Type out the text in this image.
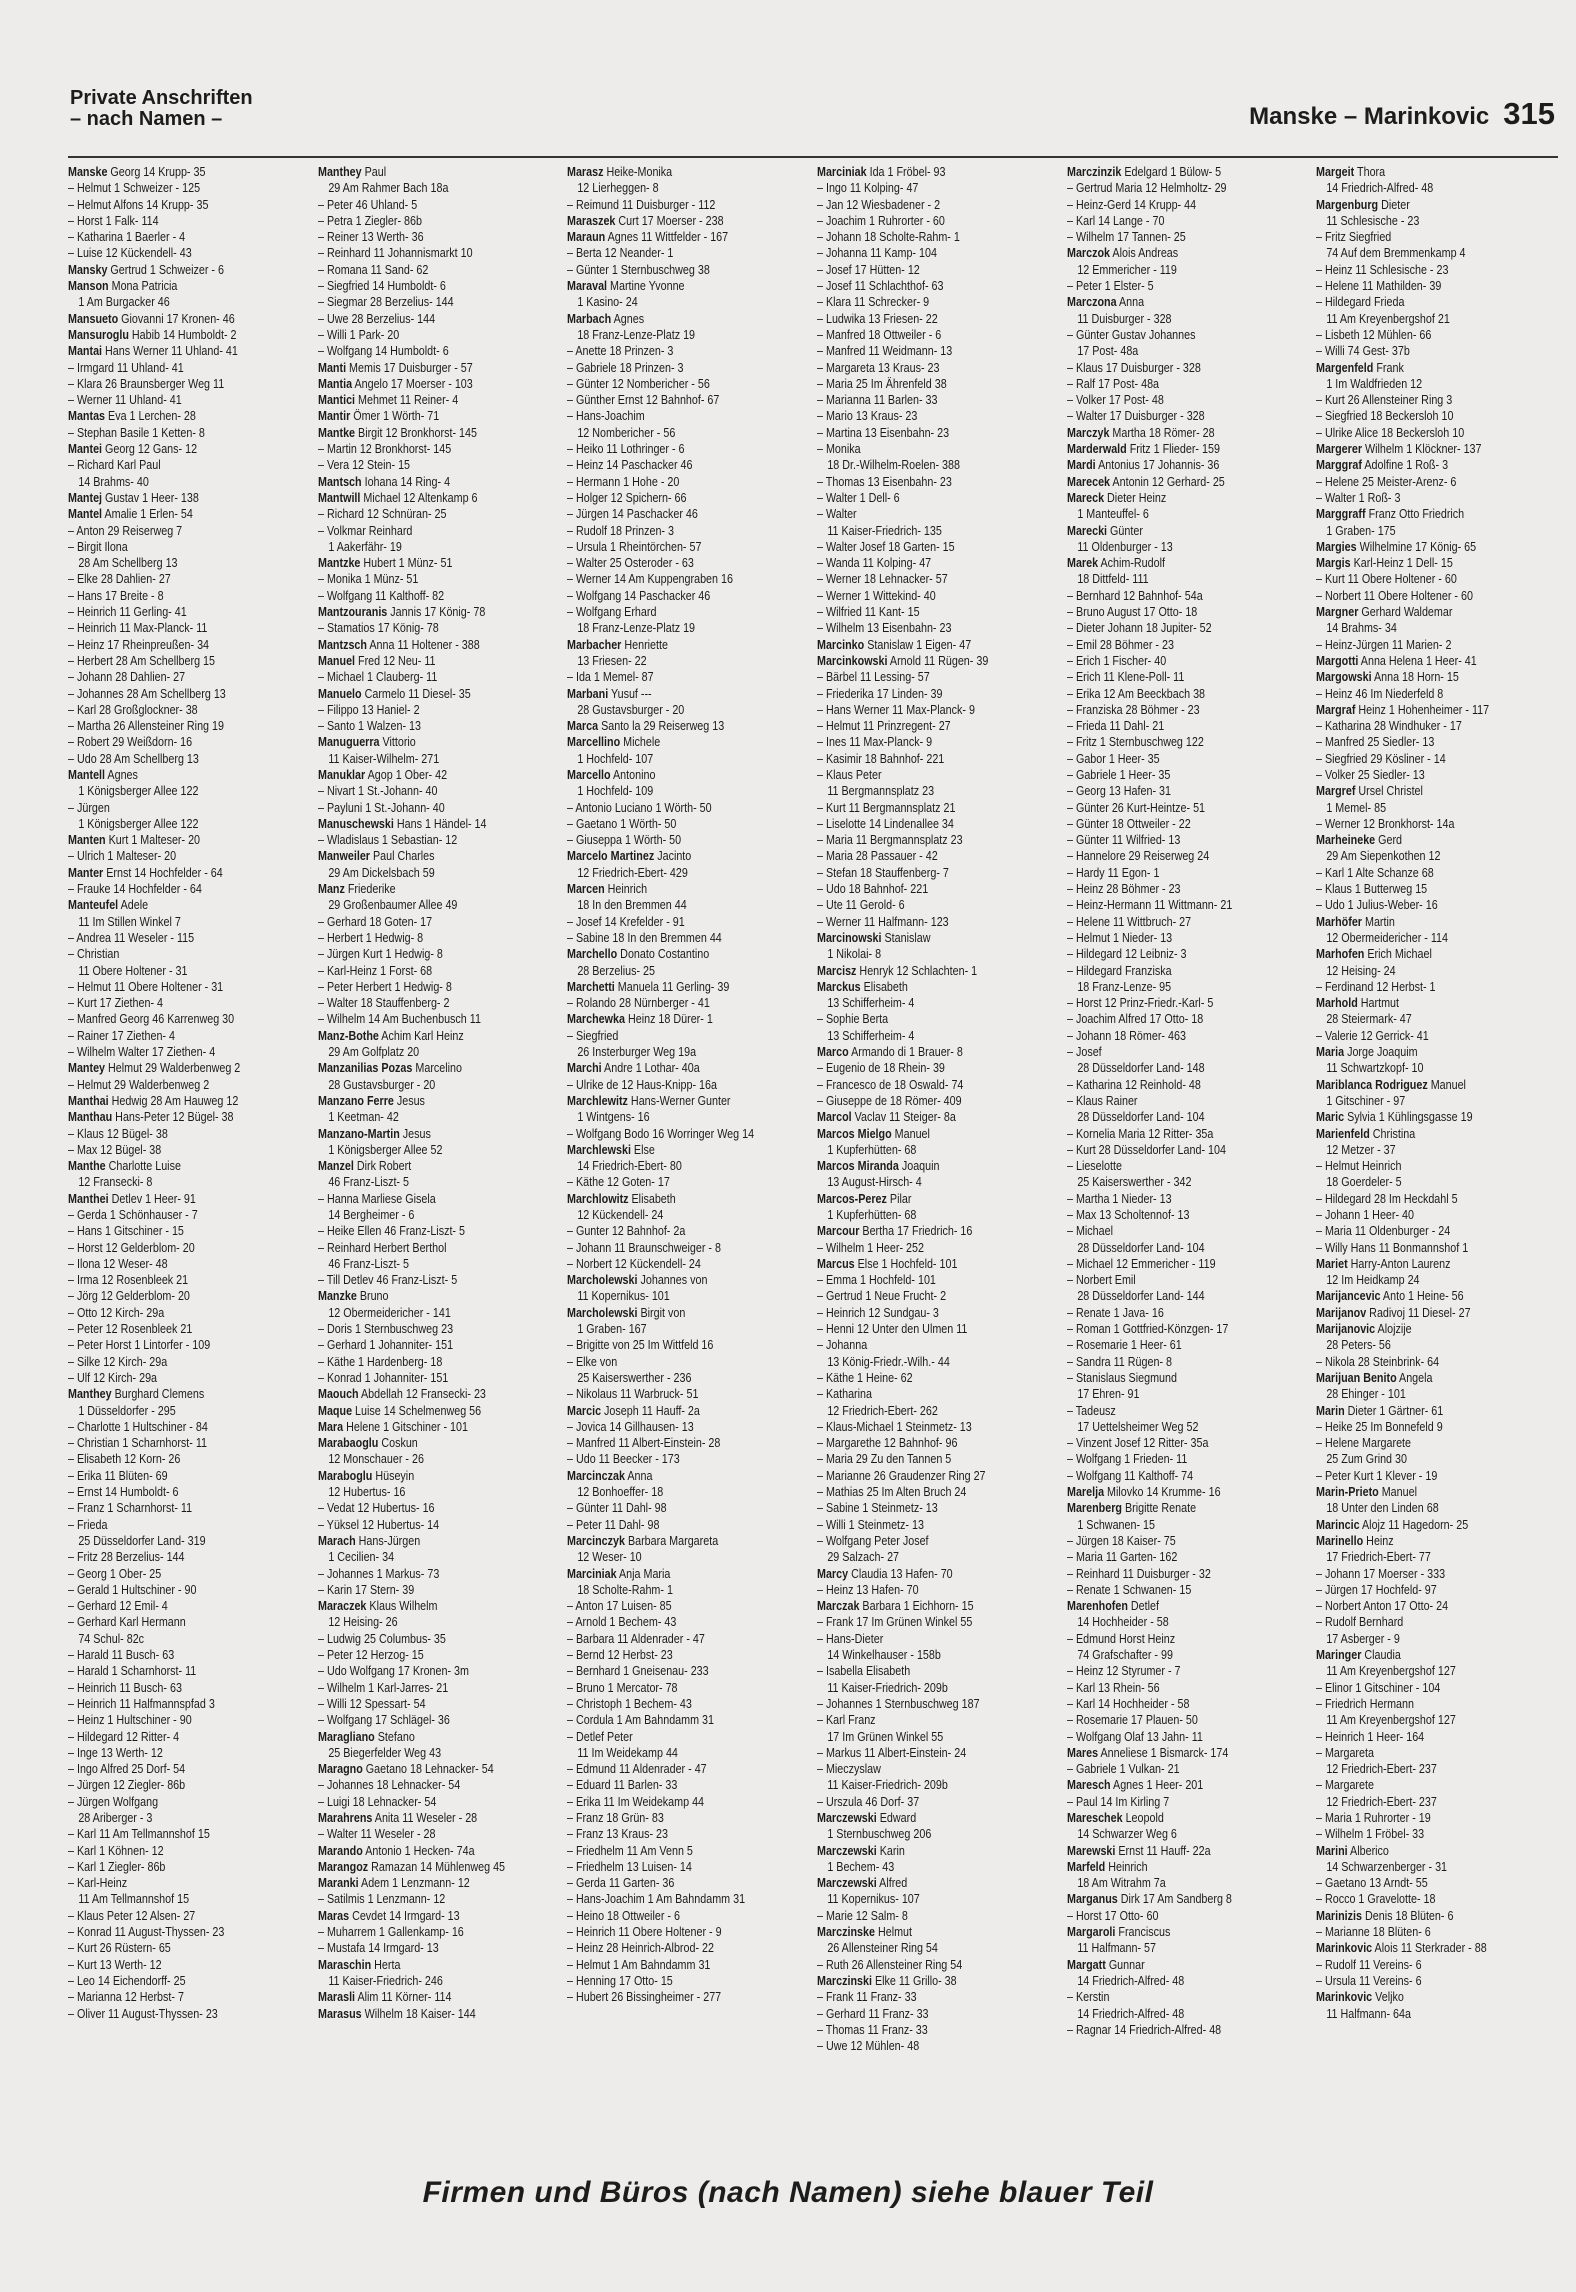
Private Anschriften
– nach Namen –	Manske – Marinkovic 315
Manske Georg 14 Krupp- 35
– Helmut 1 Schweizer - 125
– Helmut Alfons 14 Krupp- 35
– Horst 1 Falk- 114
– Katharina 1 Baerler - 4
– Luise 12 Kückendell- 43
Mansky Gertrud 1 Schweizer - 6
Manson Mona Patricia
1 Am Burgacker 46
Mansueto Giovanni 17 Kronen- 46
Mansuroglu Habib 14 Humboldt- 2
Mantai Hans Werner 11 Uhland- 41
– Irmgard 11 Uhland- 41
– Klara 26 Braunsberger Weg 11
– Werner 11 Uhland- 41
Mantas Eva 1 Lerchen- 28
– Stephan Basile 1 Ketten- 8
Mantei Georg 12 Gans- 12
– Richard Karl Paul
14 Brahms- 40
Mantej Gustav 1 Heer- 138
Mantel Amalie 1 Erlen- 54
– Anton 29 Reiserweg 7
– Birgit Ilona
28 Am Schellberg 13
– Elke 28 Dahlien- 27
– Hans 17 Breite - 8
– Heinrich 11 Gerling- 41
– Heinrich 11 Max-Planck- 11
– Heinz 17 Rheinpreußen- 34
– Herbert 28 Am Schellberg 15
– Johann 28 Dahlien- 27
– Johannes 28 Am Schellberg 13
– Karl 28 Großglockner- 38
– Martha 26 Allensteiner Ring 19
– Robert 29 Weißdorn- 16
– Udo 28 Am Schellberg 13
Mantell Agnes
1 Königsberger Allee 122
– Jürgen
1 Königsberger Allee 122
Manten Kurt 1 Malteser- 20
– Ulrich 1 Malteser- 20
Manter Ernst 14 Hochfelder - 64
– Frauke 14 Hochfelder - 64
Manteufel Adele
11 Im Stillen Winkel 7
– Andrea 11 Weseler - 115
– Christian
11 Obere Holtener - 31
– Helmut 11 Obere Holtener - 31
– Kurt 17 Ziethen- 4
– Manfred Georg 46 Karrenweg 30
– Rainer 17 Ziethen- 4
– Wilhelm Walter 17 Ziethen- 4
Mantey Helmut 29 Walderbenweg 2
– Helmut 29 Walderbenweg 2
Manthai Hedwig 28 Am Hauweg 12
Manthau Hans-Peter 12 Bügel- 38
– Klaus 12 Bügel- 38
– Max 12 Bügel- 38
Manthe Charlotte Luise
12 Fransecki- 8
Manthei Detlev 1 Heer- 91
– Gerda 1 Schönhauser - 7
– Hans 1 Gitschiner - 15
– Horst 12 Gelderblom- 20
– Ilona 12 Weser- 48
– Irma 12 Rosenbleek 21
– Jörg 12 Gelderblom- 20
– Otto 12 Kirch- 29a
– Peter 12 Rosenbleek 21
– Peter Horst 1 Lintorfer - 109
– Silke 12 Kirch- 29a
– Ulf 12 Kirch- 29a
Manthey Burghard Clemens
1 Düsseldorfer - 295
– Charlotte 1 Hultschiner - 84
– Christian 1 Scharnhorst- 11
– Elisabeth 12 Korn- 26
– Erika 11 Blüten- 69
– Ernst 14 Humboldt- 6
– Franz 1 Scharnhorst- 11
– Frieda
25 Düsseldorfer Land- 319
– Fritz 28 Berzelius- 144
– Georg 1 Ober- 25
– Gerald 1 Hultschiner - 90
– Gerhard 12 Emil- 4
– Gerhard Karl Hermann
74 Schul- 82c
– Harald 11 Busch- 63
– Harald 1 Scharnhorst- 11
– Heinrich 11 Busch- 63
– Heinrich 11 Halfmannspfad 3
– Heinz 1 Hultschiner - 90
– Hildegard 12 Ritter- 4
– Inge 13 Werth- 12
– Ingo Alfred 25 Dorf- 54
– Jürgen 12 Ziegler- 86b
– Jürgen Wolfgang
28 Ariberger - 3
– Karl 11 Am Tellmannshof 15
– Karl 1 Köhnen- 12
– Karl 1 Ziegler- 86b
– Karl-Heinz
11 Am Tellmannshof 15
– Klaus Peter 12 Alsen- 27
– Konrad 11 August-Thyssen- 23
– Kurt 26 Rüstern- 65
– Kurt 13 Werth- 12
– Leo 14 Eichendorff- 25
– Marianna 12 Herbst- 7
– Oliver 11 August-Thyssen- 23
Manthey Paul
29 Am Rahmer Bach 18a
– Peter 46 Uhland- 5
– Petra 1 Ziegler- 86b
– Reiner 13 Werth- 36
– Reinhard 11 Johannismarkt 10
– Romana 11 Sand- 62
– Siegfried 14 Humboldt- 6
– Siegmar 28 Berzelius- 144
– Uwe 28 Berzelius- 144
– Willi 1 Park- 20
– Wolfgang 14 Humboldt- 6
Manti Memis 17 Duisburger - 57
Mantia Angelo 17 Moerser - 103
Mantici Mehmet 11 Reiner- 4
Mantir Ömer 1 Wörth- 71
Mantke Birgit 12 Bronkhorst- 145
– Martin 12 Bronkhorst- 145
– Vera 12 Stein- 15
Mantsch Iohana 14 Ring- 4
Mantwill Michael 12 Altenkamp 6
– Richard 12 Schnüran- 25
– Volkmar Reinhard
1 Aakerfähr- 19
Mantzke Hubert 1 Münz- 51
– Monika 1 Münz- 51
– Wolfgang 11 Kalthoff- 82
Mantzouranis Jannis 17 König- 78
– Stamatios 17 König- 78
Mantzsch Anna 11 Holtener - 388
Manuel Fred 12 Neu- 11
– Michael 1 Clauberg- 11
Manuelo Carmelo 11 Diesel- 35
– Filippo 13 Haniel- 2
– Santo 1 Walzen- 13
Manuguerra Vittorio
11 Kaiser-Wilhelm- 271
Manuklar Agop 1 Ober- 42
– Nivart 1 St.-Johann- 40
– Payluni 1 St.-Johann- 40
Manuschewski Hans 1 Händel- 14
– Wladislaus 1 Sebastian- 12
Manweiler Paul Charles
29 Am Dickelsbach 59
Manz Friederike
29 Großenbaumer Allee 49
– Gerhard 18 Goten- 17
– Herbert 1 Hedwig- 8
– Jürgen Kurt 1 Hedwig- 8
– Karl-Heinz 1 Forst- 68
– Peter Herbert 1 Hedwig- 8
– Walter 18 Stauffenberg- 2
– Wilhelm 14 Am Buchenbusch 11
Manz-Bothe Achim Karl Heinz
29 Am Golfplatz 20
Manzanilias Pozas Marcelino
28 Gustavsburger - 20
Manzano Ferre Jesus
1 Keetman- 42
Manzano-Martin Jesus
1 Königsberger Allee 52
Manzel Dirk Robert
46 Franz-Liszt- 5
– Hanna Marliese Gisela
14 Bergheimer - 6
– Heike Ellen 46 Franz-Liszt- 5
– Reinhard Herbert Berthol
46 Franz-Liszt- 5
– Till Detlev 46 Franz-Liszt- 5
Manzke Bruno
12 Obermeidericher - 141
– Doris 1 Sternbuschweg 23
– Gerhard 1 Johanniter- 151
– Käthe 1 Hardenberg- 18
– Konrad 1 Johanniter- 151
Maouch Abdellah 12 Fransecki- 23
Maque Luise 14 Schelmenweg 56
Mara Helene 1 Gitschiner - 101
Marabaoglu Coskun
12 Monschauer - 26
Maraboglu Hüseyin
12 Hubertus- 16
– Vedat 12 Hubertus- 16
– Yüksel 12 Hubertus- 14
Marach Hans-Jürgen
1 Cecilien- 34
– Johannes 1 Markus- 73
– Karin 17 Stern- 39
Maraczek Klaus Wilhelm
12 Heising- 26
– Ludwig 25 Columbus- 35
– Peter 12 Herzog- 15
– Udo Wolfgang 17 Kronen- 3m
– Wilhelm 1 Karl-Jarres- 21
– Willi 12 Spessart- 54
– Wolfgang 17 Schlägel- 36
Maragliano Stefano
25 Biegerfelder Weg 43
Maragno Gaetano 18 Lehnacker- 54
– Johannes 18 Lehnacker- 54
– Luigi 18 Lehnacker- 54
Marahrens Anita 11 Weseler - 28
– Walter 11 Weseler - 28
Marando Antonio 1 Hecken- 74a
Marangoz Ramazan 14 Mühlenweg 45
Maranki Adem 1 Lenzmann- 12
– Satilmis 1 Lenzmann- 12
Maras Cevdet 14 Irmgard- 13
– Muharrem 1 Gallenkamp- 16
– Mustafa 14 Irmgard- 13
Maraschin Herta
11 Kaiser-Friedrich- 246
Marasli Alim 11 Körner- 114
Marasus Wilhelm 18 Kaiser- 144
Marasz Heike-Monika
12 Lierheggen- 8
– Reimund 11 Duisburger - 112
Maraszek Curt 17 Moerser - 238
Maraun Agnes 11 Wittfelder - 167
– Berta 12 Neander- 1
– Günter 1 Sternbuschweg 38
Maraval Martine Yvonne
1 Kasino- 24
Marbach Agnes
18 Franz-Lenze-Platz 19
– Anette 18 Prinzen- 3
– Gabriele 18 Prinzen- 3
– Günter 12 Nombericher - 56
– Günther Ernst 12 Bahnhof- 67
– Hans-Joachim
12 Nombericher - 56
– Heiko 11 Lothringer - 6
– Heinz 14 Paschacker 46
– Hermann 1 Hohe - 20
– Holger 12 Spichern- 66
– Jürgen 14 Paschacker 46
– Rudolf 18 Prinzen- 3
– Ursula 1 Rheintörchen- 57
– Walter 25 Osteroder - 63
– Werner 14 Am Kuppengraben 16
– Wolfgang 14 Paschacker 46
– Wolfgang Erhard
18 Franz-Lenze-Platz 19
Marbacher Henriette
13 Friesen- 22
– Ida 1 Memel- 87
Marbani Yusuf ---
28 Gustavsburger - 20
Marca Santo la 29 Reiserweg 13
Marcellino Michele
1 Hochfeld- 107
Marcello Antonino
1 Hochfeld- 109
– Antonio Luciano 1 Wörth- 50
– Gaetano 1 Wörth- 50
– Giuseppa 1 Wörth- 50
Marcelo Martinez Jacinto
12 Friedrich-Ebert- 429
Marcen Heinrich
18 In den Bremmen 44
– Josef 14 Krefelder - 91
– Sabine 18 In den Bremmen 44
Marchello Donato Costantino
28 Berzelius- 25
Marchetti Manuela 11 Gerling- 39
– Rolando 28 Nürnberger - 41
Marchewka Heinz 18 Dürer- 1
– Siegfried
26 Insterburger Weg 19a
Marchi Andre 1 Lothar- 40a
– Ulrike de 12 Haus-Knipp- 16a
Marchlewitz Hans-Werner Gunter
1 Wintgens- 16
– Wolfgang Bodo 16 Worringer Weg 14
Marchlewski Else
14 Friedrich-Ebert- 80
– Käthe 12 Goten- 17
Marchlowitz Elisabeth
12 Kückendell- 24
– Gunter 12 Bahnhof- 2a
– Johann 11 Braunschweiger - 8
– Norbert 12 Kückendell- 24
Marcholewski Johannes von
11 Kopernikus- 101
Marcholewski Birgit von
1 Graben- 167
– Brigitte von 25 Im Wittfeld 16
– Elke von
25 Kaiserswerther - 236
– Nikolaus 11 Warbruck- 51
Marcic Joseph 11 Hauff- 2a
– Jovica 14 Gillhausen- 13
– Manfred 11 Albert-Einstein- 28
– Udo 11 Beecker - 173
Marcinczak Anna
12 Bonhoeffer- 18
– Günter 11 Dahl- 98
– Peter 11 Dahl- 98
Marcinczyk Barbara Margareta
12 Weser- 10
Marciniak Anja Maria
18 Scholte-Rahm- 1
– Anton 17 Luisen- 85
– Arnold 1 Bechem- 43
– Barbara 11 Aldenrader - 47
– Bernd 12 Herbst- 23
– Bernhard 1 Gneisenau- 233
– Bruno 1 Mercator- 78
– Christoph 1 Bechem- 43
– Cordula 1 Am Bahndamm 31
– Detlef Peter
11 Im Weidekamp 44
– Edmund 11 Aldenrader - 47
– Eduard 11 Barlen- 33
– Erika 11 Im Weidekamp 44
– Franz 18 Grün- 83
– Franz 13 Kraus- 23
– Friedhelm 11 Am Venn 5
– Friedhelm 13 Luisen- 14
– Gerda 11 Garten- 36
– Hans-Joachim 1 Am Bahndamm 31
– Heino 18 Ottweiler - 6
– Heinrich 11 Obere Holtener - 9
– Heinz 28 Heinrich-Albrod- 22
– Helmut 1 Am Bahndamm 31
– Henning 17 Otto- 15
– Hubert 26 Bissingheimer - 277
Marciniak Ida 1 Fröbel- 93
– Ingo 11 Kolping- 47
– Jan 12 Wiesbadener - 2
– Joachim 1 Ruhrorter - 60
– Johann 18 Scholte-Rahm- 1
– Johanna 11 Kamp- 104
– Josef 17 Hütten- 12
– Josef 11 Schlachthof- 63
– Klara 11 Schrecker- 9
– Ludwika 13 Friesen- 22
– Manfred 18 Ottweiler - 6
– Manfred 11 Weidmann- 13
– Margareta 13 Kraus- 23
– Maria 25 Im Ährenfeld 38
– Marianna 11 Barlen- 33
– Mario 13 Kraus- 23
– Martina 13 Eisenbahn- 23
– Monika
18 Dr.-Wilhelm-Roelen- 388
– Thomas 13 Eisenbahn- 23
– Walter 1 Dell- 6
– Walter
11 Kaiser-Friedrich- 135
– Walter Josef 18 Garten- 15
– Wanda 11 Kolping- 47
– Werner 18 Lehnacker- 57
– Werner 1 Wittekind- 40
– Wilfried 11 Kant- 15
– Wilhelm 13 Eisenbahn- 23
Marcinko Stanislaw 1 Eigen- 47
Marcinkowski Arnold 11 Rügen- 39
– Bärbel 11 Lessing- 57
– Friederika 17 Linden- 39
– Hans Werner 11 Max-Planck- 9
– Helmut 11 Prinzregent- 27
– Ines 11 Max-Planck- 9
– Kasimir 18 Bahnhof- 221
– Klaus Peter
11 Bergmannsplatz 23
– Kurt 11 Bergmannsplatz 21
– Liselotte 14 Lindenallee 34
– Maria 11 Bergmannsplatz 23
– Maria 28 Passauer - 42
– Stefan 18 Stauffenberg- 7
– Udo 18 Bahnhof- 221
– Ute 11 Gerold- 6
– Werner 11 Halfmann- 123
Marcinowski Stanislaw
1 Nikolai- 8
Marcisz Henryk 12 Schlachten- 1
Marckus Elisabeth
13 Schifferheim- 4
– Sophie Berta
13 Schifferheim- 4
Marco Armando di 1 Brauer- 8
– Eugenio de 18 Rhein- 39
– Francesco de 18 Oswald- 74
– Giuseppe de 18 Römer- 409
Marcol Vaclav 11 Steiger- 8a
Marcos Mielgo Manuel
1 Kupferhütten- 68
Marcos Miranda Joaquin
13 August-Hirsch- 4
Marcos-Perez Pilar
1 Kupferhütten- 68
Marcour Bertha 17 Friedrich- 16
– Wilhelm 1 Heer- 252
Marcus Else 1 Hochfeld- 101
– Emma 1 Hochfeld- 101
– Gertrud 1 Neue Frucht- 2
– Heinrich 12 Sundgau- 3
– Henni 12 Unter den Ulmen 11
– Johanna
13 König-Friedr.-Wilh.- 44
– Käthe 1 Heine- 62
– Katharina
12 Friedrich-Ebert- 262
– Klaus-Michael 1 Steinmetz- 13
– Margarethe 12 Bahnhof- 96
– Maria 29 Zu den Tannen 5
– Marianne 26 Graudenzer Ring 27
– Mathias 25 Im Alten Bruch 24
– Sabine 1 Steinmetz- 13
– Willi 1 Steinmetz- 13
– Wolfgang Peter Josef
29 Salzach- 27
Marcy Claudia 13 Hafen- 70
– Heinz 13 Hafen- 70
Marczak Barbara 1 Eichhorn- 15
– Frank 17 Im Grünen Winkel 55
– Hans-Dieter
14 Winkelhauser - 158b
– Isabella Elisabeth
11 Kaiser-Friedrich- 209b
– Johannes 1 Sternbuschweg 187
– Karl Franz
17 Im Grünen Winkel 55
– Markus 11 Albert-Einstein- 24
– Mieczyslaw
11 Kaiser-Friedrich- 209b
– Urszula 46 Dorf- 37
Marczewski Edward
1 Sternbuschweg 206
Marczewski Karin
1 Bechem- 43
Marczewski Alfred
11 Kopernikus- 107
– Marie 12 Salm- 8
Marczinske Helmut
26 Allensteiner Ring 54
– Ruth 26 Allensteiner Ring 54
Marczinski Elke 11 Grillo- 38
– Frank 11 Franz- 33
– Gerhard 11 Franz- 33
– Thomas 11 Franz- 33
– Uwe 12 Mühlen- 48
Marczinzik Edelgard 1 Bülow- 5
– Gertrud Maria 12 Helmholtz- 29
– Heinz-Gerd 14 Krupp- 44
– Karl 14 Lange - 70
– Wilhelm 17 Tannen- 25
Marczok Alois Andreas
12 Emmericher - 119
– Peter 1 Elster- 5
Marczona Anna
11 Duisburger - 328
– Günter Gustav Johannes
17 Post- 48a
– Klaus 17 Duisburger - 328
– Ralf 17 Post- 48a
– Volker 17 Post- 48
– Walter 17 Duisburger - 328
Marczyk Martha 18 Römer- 28
Marderwald Fritz 1 Flieder- 159
Mardi Antonius 17 Johannis- 36
Marecek Antonin 12 Gerhard- 25
Mareck Dieter Heinz
1 Manteuffel- 6
Marecki Günter
11 Oldenburger - 13
Marek Achim-Rudolf
18 Dittfeld- 111
– Bernhard 12 Bahnhof- 54a
– Bruno August 17 Otto- 18
– Dieter Johann 18 Jupiter- 52
– Emil 28 Böhmer - 23
– Erich 1 Fischer- 40
– Erich 11 Klene-Poll- 11
– Erika 12 Am Beeckbach 38
– Franziska 28 Böhmer - 23
– Frieda 11 Dahl- 21
– Fritz 1 Sternbuschweg 122
– Gabor 1 Heer- 35
– Gabriele 1 Heer- 35
– Georg 13 Hafen- 31
– Günter 26 Kurt-Heintze- 51
– Günter 18 Ottweiler - 22
– Günter 11 Wilfried- 13
– Hannelore 29 Reiserweg 24
– Hardy 11 Egon- 1
– Heinz 28 Böhmer - 23
– Heinz-Hermann 11 Wittmann- 21
– Helene 11 Wittbruch- 27
– Helmut 1 Nieder- 13
– Hildegard 12 Leibniz- 3
– Hildegard Franziska
18 Franz-Lenze- 95
– Horst 12 Prinz-Friedr.-Karl- 5
– Joachim Alfred 17 Otto- 18
– Johann 18 Römer- 463
– Josef
28 Düsseldorfer Land- 148
– Katharina 12 Reinhold- 48
– Klaus Rainer
28 Düsseldorfer Land- 104
– Kornelia Maria 12 Ritter- 35a
– Kurt 28 Düsseldorfer Land- 104
– Lieselotte
25 Kaiserswerther - 342
– Martha 1 Nieder- 13
– Max 13 Scholtennof- 13
– Michael
28 Düsseldorfer Land- 104
– Michael 12 Emmericher - 119
– Norbert Emil
28 Düsseldorfer Land- 144
– Renate 1 Java- 16
– Roman 1 Gottfried-Könzgen- 17
– Rosemarie 1 Heer- 61
– Sandra 11 Rügen- 8
– Stanislaus Siegmund
17 Ehren- 91
– Tadeusz
17 Uettelsheimer Weg 52
– Vinzent Josef 12 Ritter- 35a
– Wolfgang 1 Frieden- 11
– Wolfgang 11 Kalthoff- 74
Marelja Milovko 14 Krumme- 16
Marenberg Brigitte Renate
1 Schwanen- 15
– Jürgen 18 Kaiser- 75
– Maria 11 Garten- 162
– Reinhard 11 Duisburger - 32
– Renate 1 Schwanen- 15
Marenhofen Detlef
14 Hochheider - 58
– Edmund Horst Heinz
74 Grafschafter - 99
– Heinz 12 Styrumer - 7
– Karl 13 Rhein- 56
– Karl 14 Hochheider - 58
– Rosemarie 17 Plauen- 50
– Wolfgang Olaf 13 Jahn- 11
Mares Anneliese 1 Bismarck- 174
– Gabriele 1 Vulkan- 21
Maresch Agnes 1 Heer- 201
– Paul 14 Im Kirling 7
Mareschek Leopold
14 Schwarzer Weg 6
Marewski Ernst 11 Hauff- 22a
Marfeld Heinrich
18 Am Witrahm 7a
Marganus Dirk 17 Am Sandberg 8
– Horst 17 Otto- 60
Margaroli Franciscus
11 Halfmann- 57
Margatt Gunnar
14 Friedrich-Alfred- 48
– Kerstin
14 Friedrich-Alfred- 48
– Ragnar 14 Friedrich-Alfred- 48
Margeit Thora
14 Friedrich-Alfred- 48
Margenburg Dieter
11 Schlesische - 23
– Fritz Siegfried
74 Auf dem Bremmenkamp 4
– Heinz 11 Schlesische - 23
– Helene 11 Mathilden- 39
– Hildegard Frieda
11 Am Kreyenbergshof 21
– Lisbeth 12 Mühlen- 66
– Willi 74 Gest- 37b
Margenfeld Frank
1 Im Waldfrieden 12
– Kurt 26 Allensteiner Ring 3
– Siegfried 18 Beckersloh 10
– Ulrike Alice 18 Beckersloh 10
Margerer Wilhelm 1 Klöckner- 137
Marggraf Adolfine 1 Roß- 3
– Helene 25 Meister-Arenz- 6
– Walter 1 Roß- 3
Marggraff Franz Otto Friedrich
1 Graben- 175
Margies Wilhelmine 17 König- 65
Margis Karl-Heinz 1 Dell- 15
– Kurt 11 Obere Holtener - 60
– Norbert 11 Obere Holtener - 60
Margner Gerhard Waldemar
14 Brahms- 34
– Heinz-Jürgen 11 Marien- 2
Margotti Anna Helena 1 Heer- 41
Margowski Anna 18 Horn- 15
– Heinz 46 Im Niederfeld 8
Margraf Heinz 1 Hohenheimer - 117
– Katharina 28 Windhuker - 17
– Manfred 25 Siedler- 13
– Siegfried 29 Kösliner - 14
– Volker 25 Siedler- 13
Margref Ursel Christel
1 Memel- 85
– Werner 12 Bronkhorst- 14a
Marheineke Gerd
29 Am Siepenkothen 12
– Karl 1 Alte Schanze 68
– Klaus 1 Butterweg 15
– Udo 1 Julius-Weber- 16
Marhöfer Martin
12 Obermeidericher - 114
Marhofen Erich Michael
12 Heising- 24
– Ferdinand 12 Herbst- 1
Marhold Hartmut
28 Steiermark- 47
– Valerie 12 Gerrick- 41
Maria Jorge Joaquim
11 Schwartzkopf- 10
Mariblanca Rodriguez Manuel
1 Gitschiner - 97
Maric Sylvia 1 Kühlingsgasse 19
Marienfeld Christina
12 Metzer - 37
– Helmut Heinrich
18 Goerdeler- 5
– Hildegard 28 Im Heckdahl 5
– Johann 1 Heer- 40
– Maria 11 Oldenburger - 24
– Willy Hans 11 Bonmannshof 1
Mariet Harry-Anton Laurenz
12 Im Heidkamp 24
Marijancevic Anto 1 Heine- 56
Marijanov Radivoj 11 Diesel- 27
Marijanovic Alojzije
28 Peters- 56
– Nikola 28 Steinbrink- 64
Marijuan Benito Angela
28 Ehinger - 101
Marin Dieter 1 Gärtner- 61
– Heike 25 Im Bonnefeld 9
– Helene Margarete
25 Zum Grind 30
– Peter Kurt 1 Klever - 19
Marin-Prieto Manuel
18 Unter den Linden 68
Marincic Alojz 11 Hagedorn- 25
Marinello Heinz
17 Friedrich-Ebert- 77
– Johann 17 Moerser - 333
– Jürgen 17 Hochfeld- 97
– Norbert Anton 17 Otto- 24
– Rudolf Bernhard
17 Asberger - 9
Maringer Claudia
11 Am Kreyenbergshof 127
– Elinor 1 Gitschiner - 104
– Friedrich Hermann
11 Am Kreyenbergshof 127
– Heinrich 1 Heer- 164
– Margareta
12 Friedrich-Ebert- 237
– Margarete
12 Friedrich-Ebert- 237
– Maria 1 Ruhrorter - 19
– Wilhelm 1 Fröbel- 33
Marini Alberico
14 Schwarzenberger - 31
– Gaetano 13 Arndt- 55
– Rocco 1 Gravelotte- 18
Marinizis Denis 18 Blüten- 6
– Marianne 18 Blüten- 6
Marinkovic Alois 11 Sterkrader - 88
– Rudolf 11 Vereins- 6
– Ursula 11 Vereins- 6
Marinkovic Veljko
11 Halfmann- 64a
Firmen und Büros (nach Namen) siehe blauer Teil
